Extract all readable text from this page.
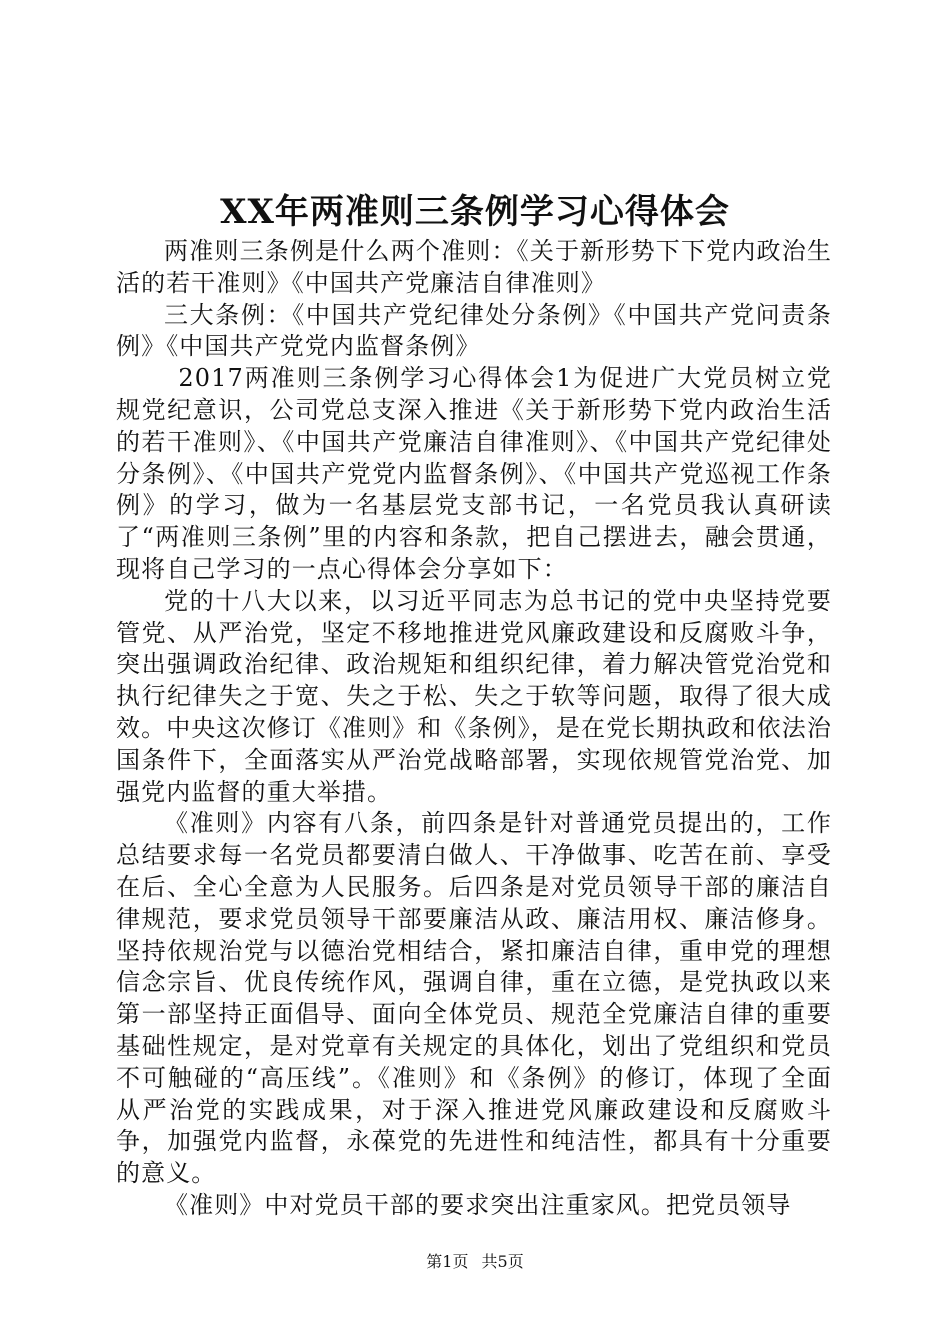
XX年两准则三条例学习心得体会

两准则三条例是什么两个准则：《关于新形势下下党内政治生活的若干准则》《中国共产党廉洁自律准则》

三大条例：《中国共产党纪律处分条例》《中国共产党问责条例》《中国共产党党内监督条例》

2017两准则三条例学习心得体会1为促进广大党员树立党规党纪意识，公司党总支深入推进《关于新形势下党内政治生活的若干准则》、《中国共产党廉洁自律准则》、《中国共产党纪律处分条例》、《中国共产党党内监督条例》、《中国共产党巡视工作条例》的学习，做为一名基层党支部书记，一名党员我认真研读了“两准则三条例”里的内容和条款，把自己摆进去，融会贯通，现将自己学习的一点心得体会分享如下：

党的十八大以来，以习近平同志为总书记的党中央坚持党要管党、从严治党，坚定不移地推进党风廉政建设和反腐败斗争，突出强调政治纪律、政治规矩和组织纪律，着力解决管党治党和执行纪律失之于宽、失之于松、失之于软等问题，取得了很大成效。中央这次修订《准则》和《条例》，是在党长期执政和依法治国条件下，全面落实从严治党战略部署，实现依规管党治党、加强党内监督的重大举措。

《准则》内容有八条，前四条是针对普通党员提出的，工作总结要求每一名党员都要清白做人、干净做事、吃苦在前、享受在后、全心全意为人民服务。后四条是对党员领导干部的廉洁自律规范，要求党员领导干部要廉洁从政、廉洁用权、廉洁修身。坚持依规治党与以德治党相结合，紧扣廉洁自律，重申党的理想信念宗旨、优良传统作风，强调自律，重在立德，是党执政以来第一部坚持正面倡导、面向全体党员、规范全党廉洁自律的重要基础性规定，是对党章有关规定的具体化，划出了党组织和党员不可触碰的“高压线”。《准则》和《条例》的修订，体现了全面从严治党的实践成果，对于深入推进党风廉政建设和反腐败斗争，加强党内监督，永葆党的先进性和纯洁性，都具有十分重要的意义。

《准则》中对党员干部的要求突出注重家风。把党员领导

第1页 共5页
